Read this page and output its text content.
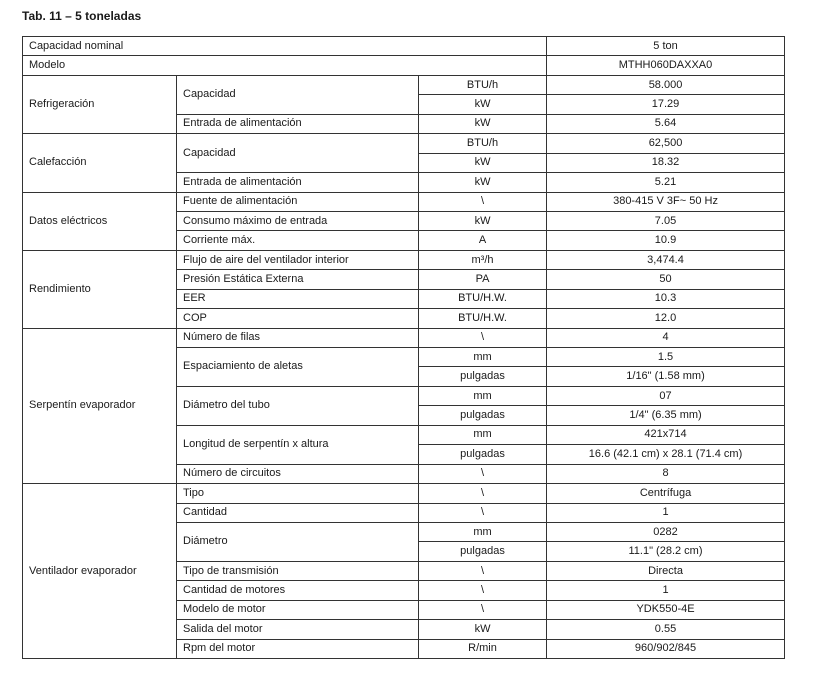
Tab. 11 – 5 toneladas
Capacidad nominal			5 ton
Modelo			MTHH060DAXXA0
Refrigeración	Capacidad	BTU/h	58.000
		kW	17.29
	Entrada de alimentación	kW	5.64
Calefacción	Capacidad	BTU/h	62,500
		kW	18.32
	Entrada de alimentación	kW	5.21
Datos eléctricos	Fuente de alimentación	\	380-415 V 3F~ 50 Hz
	Consumo máximo de entrada	kW	7.05
	Corriente máx.	A	10.9
Rendimiento	Flujo de aire del ventilador interior	m³/h	3,474.4
	Presión Estática Externa	PA	50
	EER	BTU/H.W.	10.3
	COP	BTU/H.W.	12.0
Serpentín evaporador	Número de filas	\	4
	Espaciamiento de aletas	mm	1.5
		pulgadas	1/16" (1.58 mm)
	Diámetro del tubo	mm	07
		pulgadas	1/4" (6.35 mm)
	Longitud de serpentín x altura	mm	421x714
		pulgadas	16.6 (42.1 cm) x 28.1 (71.4 cm)
	Número de circuitos	\	8
Ventilador evaporador	Tipo	\	Centrífuga
	Cantidad	\	1
	Diámetro	mm	0282
		pulgadas	11.1" (28.2 cm)
	Tipo de transmisión	\	Directa
	Cantidad de motores	\	1
	Modelo de motor	\	YDK550-4E
	Salida del motor	kW	0.55
	Rpm del motor	R/min	960/902/845
